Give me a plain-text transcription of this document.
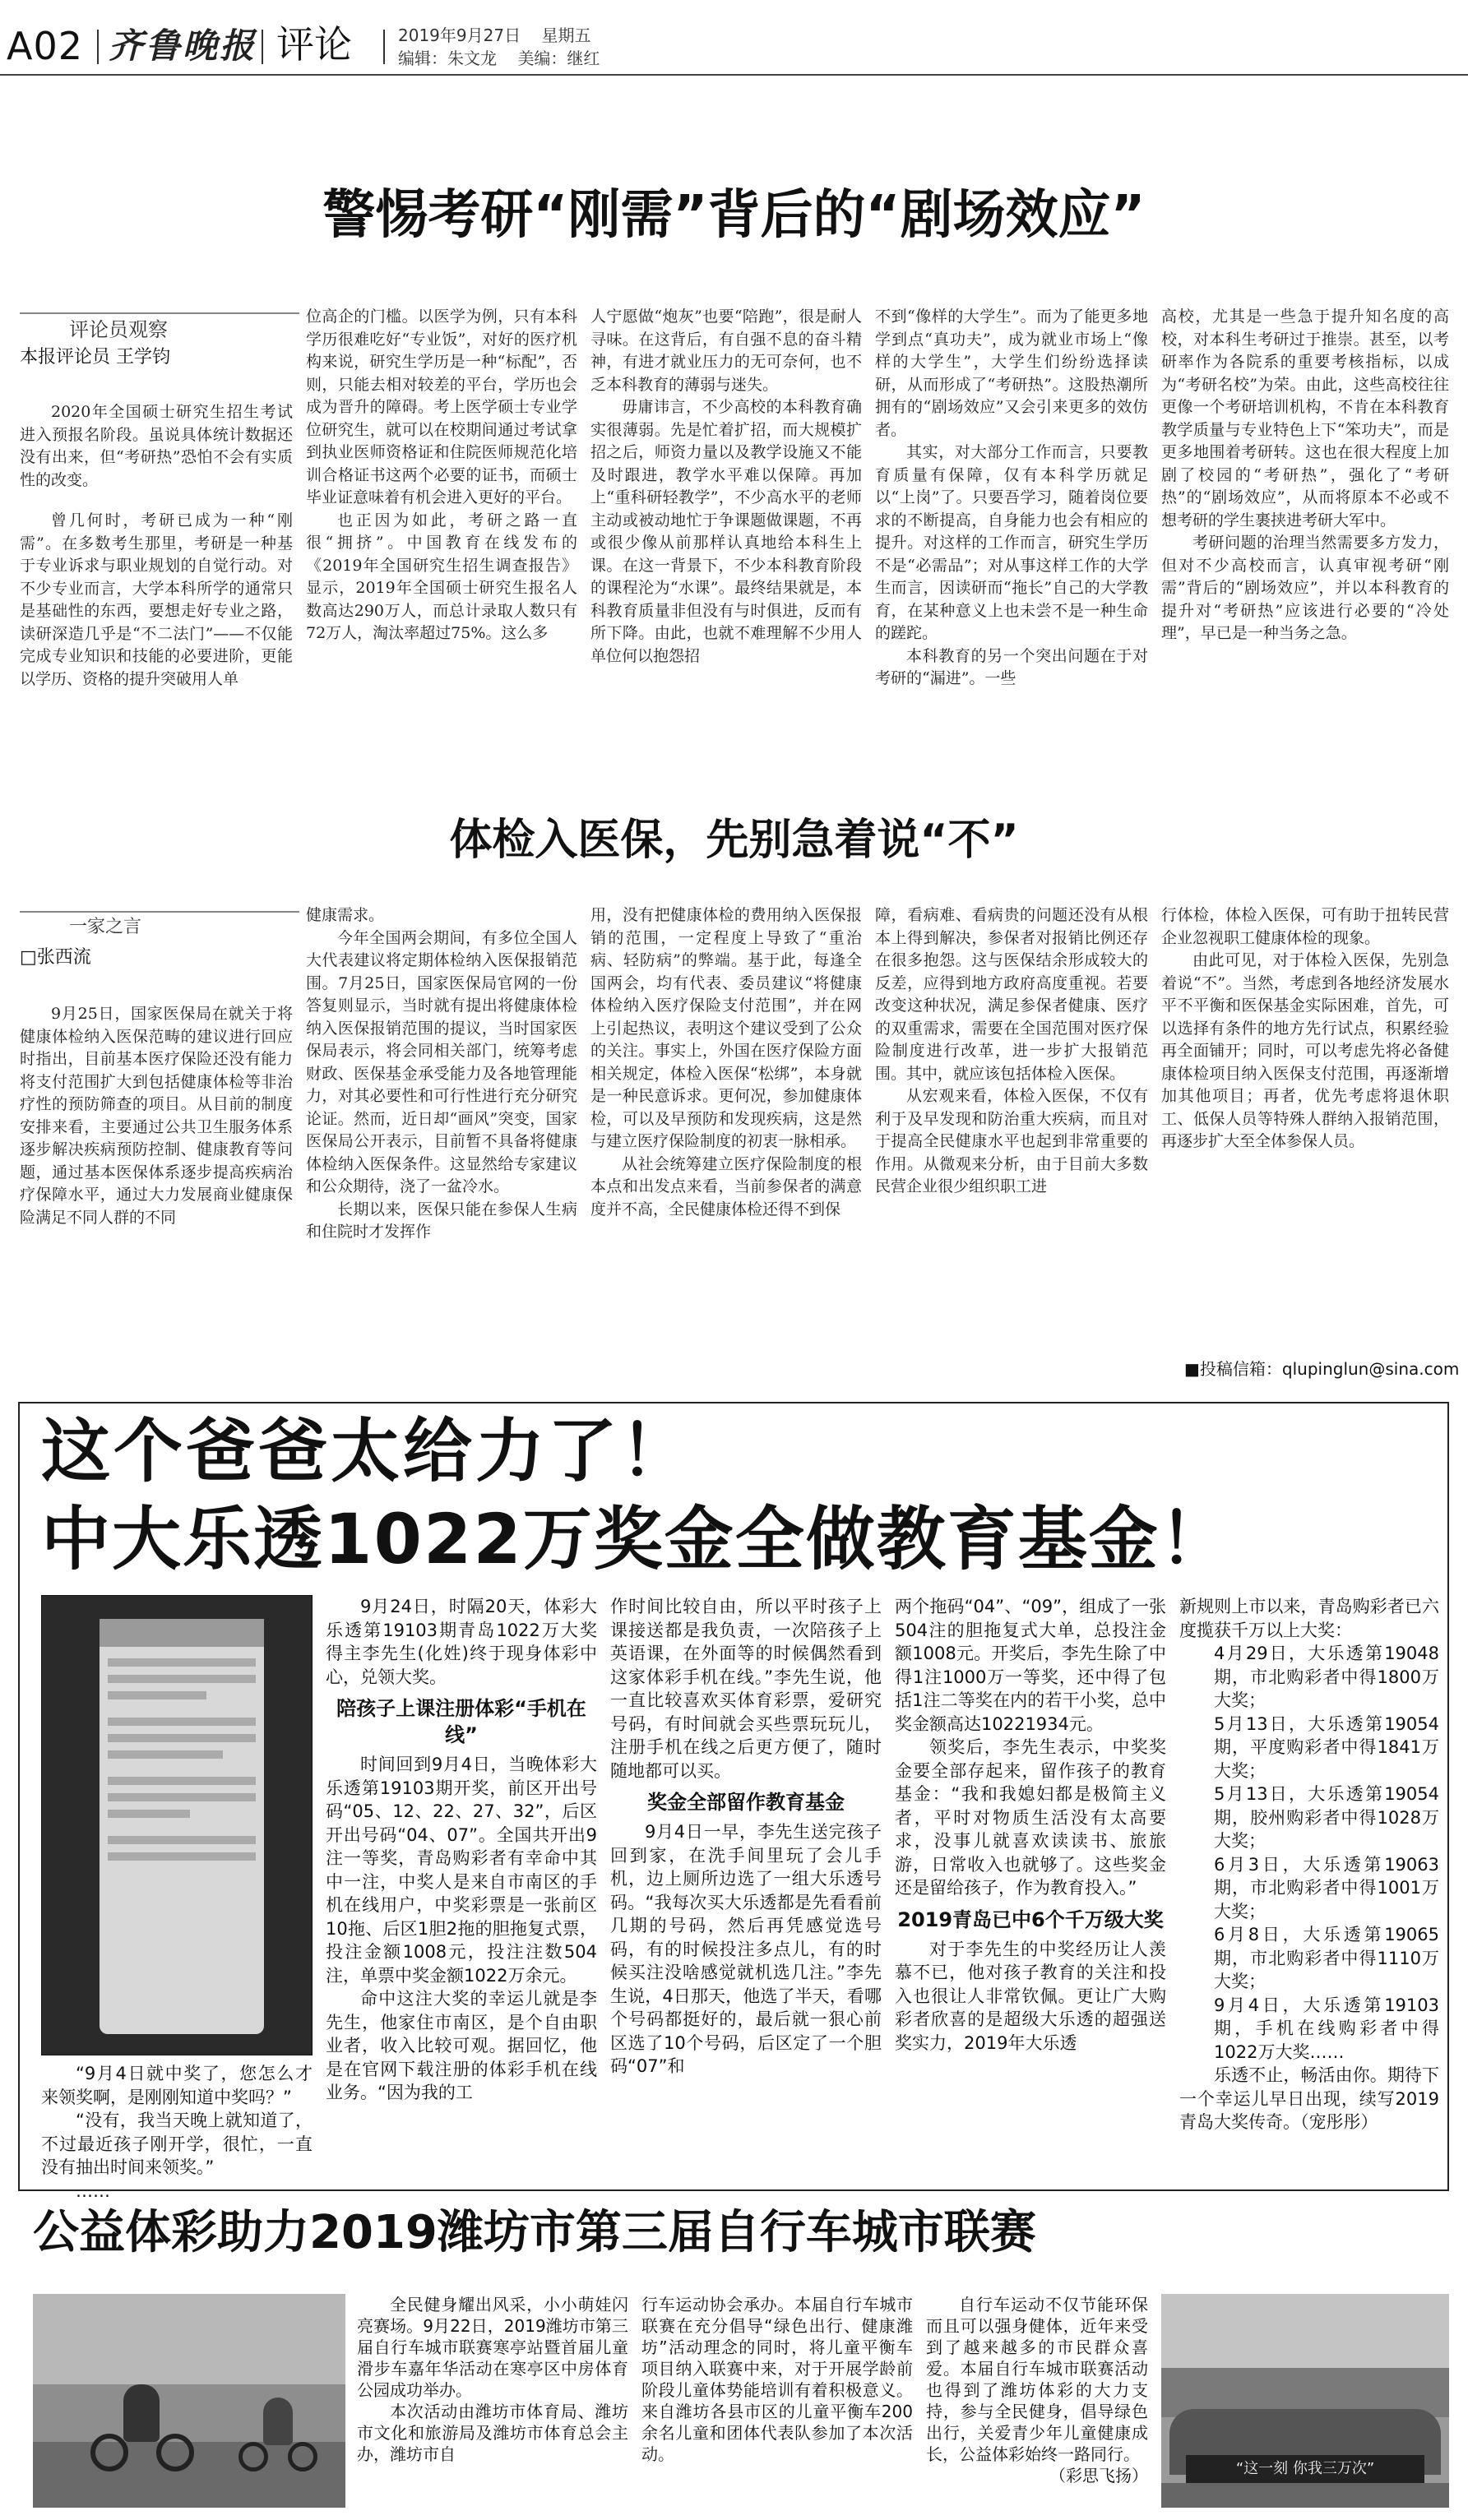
A02 齐鲁晚报 评论	2019年9月27日 星期五
编辑：朱文龙 美编：继红
警惕考研“刚需”背后的“剧场效应”
评论员观察
本报评论员 王学钧

2020年全国硕士研究生招生考试进入预报名阶段。虽说具体统计数据还没有出来，但“考研热”恐怕不会有实质性的改变。

曾几何时，考研已成为一种“刚需”。在多数考生那里，考研是一种基于专业诉求与职业规划的自觉行动。对不少专业而言，大学本科所学的通常只是基础性的东西，要想走好专业之路，读研深造几乎是“不二法门”——不仅能完成专业知识和技能的必要进阶，更能以学历、资格的提升突破用人单

位高企的门槛。以医学为例，只有本科学历很难吃好“专业饭”，对好的医疗机构来说，研究生学历是一种“标配”，否则，只能去相对较差的平台，学历也会成为晋升的障碍。考上医学硕士专业学位研究生，就可以在校期间通过考试拿到执业医师资格证和住院医师规范化培训合格证书这两个必要的证书，而硕士毕业证意味着有机会进入更好的平台。

也正因为如此，考研之路一直很“拥挤”。中国教育在线发布的《2019年全国研究生招生调查报告》显示，2019年全国硕士研究生报名人数高达290万人，而总计录取人数只有72万人，淘汰率超过75%。这么多

人宁愿做“炮灰”也要“陪跑”，很是耐人寻味。在这背后，有自强不息的奋斗精神，有进才就业压力的无可奈何，也不乏本科教育的薄弱与迷失。

毋庸讳言，不少高校的本科教育确实很薄弱。先是忙着扩招，而大规模扩招之后，师资力量以及教学设施又不能及时跟进，教学水平难以保障。再加上“重科研轻教学”，不少高水平的老师主动或被动地忙于争课题做课题，不再或很少像从前那样认真地给本科生上课。在这一背景下，不少本科教育阶段的课程沦为“水课”。最终结果就是，本科教育质量非但没有与时俱进，反而有所下降。由此，也就不难理解不少用人单位何以抱怨招

不到“像样的大学生”。而为了能更多地学到点“真功夫”，成为就业市场上“像样的大学生”，大学生们纷纷选择读研，从而形成了“考研热”。这股热潮所拥有的“剧场效应”又会引来更多的效仿者。

其实，对大部分工作而言，只要教育质量有保障，仅有本科学历就足以“上岗”了。只要吾学习，随着岗位要求的不断提高，自身能力也会有相应的提升。对这样的工作而言，研究生学历不是“必需品”；对从事这样工作的大学生而言，因读研而“拖长”自己的大学教育，在某种意义上也未尝不是一种生命的蹉跎。

本科教育的另一个突出问题在于对考研的“漏进”。一些

高校，尤其是一些急于提升知名度的高校，对本科生考研过于推崇。甚至，以考研率作为各院系的重要考核指标，以成为“考研名校”为荣。由此，这些高校往往更像一个考研培训机构，不肯在本科教育教学质量与专业特色上下“笨功夫”，而是更多地围着考研转。这也在很大程度上加剧了校园的“考研热”，强化了“考研热”的“剧场效应”，从而将原本不必或不想考研的学生裹挟进考研大军中。

考研问题的治理当然需要多方发力，但对不少高校而言，认真审视考研“刚需”背后的“剧场效应”，并以本科教育的提升对“考研热”应该进行必要的“冷处理”，早已是一种当务之急。

体检入医保，先别急着说“不”
一家之言
□张西流

9月25日，国家医保局在就关于将健康体检纳入医保范畴的建议进行回应时指出，目前基本医疗保险还没有能力将支付范围扩大到包括健康体检等非治疗性的预防筛查的项目。从目前的制度安排来看，主要通过公共卫生服务体系逐步解决疾病预防控制、健康教育等问题，通过基本医保体系逐步提高疾病治疗保障水平，通过大力发展商业健康保险满足不同人群的不同

健康需求。

今年全国两会期间，有多位全国人大代表建议将定期体检纳入医保报销范围。7月25日，国家医保局官网的一份答复则显示，当时就有提出将健康体检纳入医保报销范围的提议，当时国家医保局表示，将会同相关部门，统筹考虑财政、医保基金承受能力及各地管理能力，对其必要性和可行性进行充分研究论证。然而，近日却“画风”突变，国家医保局公开表示，目前暂不具备将健康体检纳入医保条件。这显然给专家建议和公众期待，浇了一盆冷水。

长期以来，医保只能在参保人生病和住院时才发挥作

用，没有把健康体检的费用纳入医保报销的范围，一定程度上导致了“重治病、轻防病”的弊端。基于此，每逢全国两会，均有代表、委员建议“将健康体检纳入医疗保险支付范围”，并在网上引起热议，表明这个建议受到了公众的关注。事实上，外国在医疗保险方面相关规定，体检入医保“松绑”，本身就是一种民意诉求。更何况，参加健康体检，可以及早预防和发现疾病，这是然与建立医疗保险制度的初衷一脉相承。

从社会统筹建立医疗保险制度的根本点和出发点来看，当前参保者的满意度并不高，全民健康体检还得不到保

障，看病难、看病贵的问题还没有从根本上得到解决，参保者对报销比例还存在很多抱怨。这与医保结余形成较大的反差，应得到地方政府高度重视。若要改变这种状况，满足参保者健康、医疗的双重需求，需要在全国范围对医疗保险制度进行改革，进一步扩大报销范围。其中，就应该包括体检入医保。

从宏观来看，体检入医保，不仅有利于及早发现和防治重大疾病，而且对于提高全民健康水平也起到非常重要的作用。从微观来分析，由于目前大多数民营企业很少组织职工进

行体检，体检入医保，可有助于扭转民营企业忽视职工健康体检的现象。

由此可见，对于体检入医保，先别急着说“不”。当然，考虑到各地经济发展水平不平衡和医保基金实际困难，首先，可以选择有条件的地方先行试点，积累经验再全面铺开；同时，可以考虑先将必备健康体检项目纳入医保支付范围，再逐渐增加其他项目；再者，优先考虑将退休职工、低保人员等特殊人群纳入报销范围，再逐步扩大至全体参保人员。

■投稿信箱：qlupinglun@sina.com
这个爸爸太给力了！
中大乐透1022万奖金全做教育基金！

“9月4日就中奖了，您怎么才来领奖啊，是刚刚知道中奖吗？”

“没有，我当天晚上就知道了，不过最近孩子刚开学，很忙，一直没有抽出时间来领奖。”

……

9月24日，时隔20天，体彩大乐透第19103期青岛1022万大奖得主李先生(化姓)终于现身体彩中心，兑领大奖。

陪孩子上课注册体彩“手机在线”

时间回到9月4日，当晚体彩大乐透第19103期开奖，前区开出号码“05、12、22、27、32”，后区开出号码“04、07”。全国共开出9注一等奖，青岛购彩者有幸命中其中一注，中奖人是来自市南区的手机在线用户，中奖彩票是一张前区10拖、后区1胆2拖的胆拖复式票，投注金额1008元，投注注数504注，单票中奖金额1022万余元。

命中这注大奖的幸运儿就是李先生，他家住市南区，是个自由职业者，收入比较可观。据回忆，他是在官网下载注册的体彩手机在线业务。“因为我的工

作时间比较自由，所以平时孩子上课接送都是我负责，一次陪孩子上英语课，在外面等的时候偶然看到这家体彩手机在线。”李先生说，他一直比较喜欢买体育彩票，爱研究号码，有时间就会买些票玩玩儿，注册手机在线之后更方便了，随时随地都可以买。

奖金全部留作教育基金

9月4日一早，李先生送完孩子回到家，在洗手间里玩了会儿手机，边上厕所边选了一组大乐透号码。“我每次买大乐透都是先看看前几期的号码，然后再凭感觉选号码，有的时候投注多点儿，有的时候买注没啥感觉就机选几注。”李先生说，4日那天，他选了半天，看哪个号码都挺好的，最后就一狠心前区选了10个号码，后区定了一个胆码“07”和

两个拖码“04”、“09”，组成了一张504注的胆拖复式大单，总投注金额1008元。开奖后，李先生除了中得1注1000万一等奖，还中得了包括1注二等奖在内的若干小奖，总中奖金额高达10221934元。

领奖后，李先生表示，中奖奖金要全部存起来，留作孩子的教育基金：“我和我媳妇都是极简主义者，平时对物质生活没有太高要求，没事儿就喜欢读读书、旅旅游，日常收入也就够了。这些奖金还是留给孩子，作为教育投入。”

2019青岛已中6个千万级大奖

对于李先生的中奖经历让人羡慕不已，他对孩子教育的关注和投入也很让人非常钦佩。更让广大购彩者欣喜的是超级大乐透的超强送奖实力，2019年大乐透

新规则上市以来，青岛购彩者已六度揽获千万以上大奖：

4月29日，大乐透第19048期，市北购彩者中得1800万大奖；

5月13日，大乐透第19054期，平度购彩者中得1841万大奖；

5月13日，大乐透第19054期，胶州购彩者中得1028万大奖；

6月3日，大乐透第19063期，市北购彩者中得1001万大奖；

6月8日，大乐透第19065期，市北购彩者中得1110万大奖；

9月4日，大乐透第19103期，手机在线购彩者中得1022万大奖……

乐透不止，畅活由你。期待下一个幸运儿早日出现，续写2019青岛大奖传奇。（宠彤彤）

公益体彩助力2019潍坊市第三届自行车城市联赛

全民健身耀出风采，小小萌娃闪亮赛场。9月22日，2019潍坊市第三届自行车城市联赛寒亭站暨首届儿童滑步车嘉年华活动在寒亭区中房体育公园成功举办。

本次活动由潍坊市体育局、潍坊市文化和旅游局及潍坊市体育总会主办，潍坊市自

行车运动协会承办。本届自行车城市联赛在充分倡导“绿色出行、健康潍坊”活动理念的同时，将儿童平衡车项目纳入联赛中来，对于开展学龄前阶段儿童体势能培训有着积极意义。来自潍坊各县市区的儿童平衡车200余名儿童和团体代表队参加了本次活动。

自行车运动不仅节能环保而且可以强身健体，近年来受到了越来越多的市民群众喜爱。本届自行车城市联赛活动也得到了潍坊体彩的大力支持，参与全民健身，倡导绿色出行，关爱青少年儿童健康成长，公益体彩始终一路同行。

（彩思飞扬）	“这一刻 你我三万次”
